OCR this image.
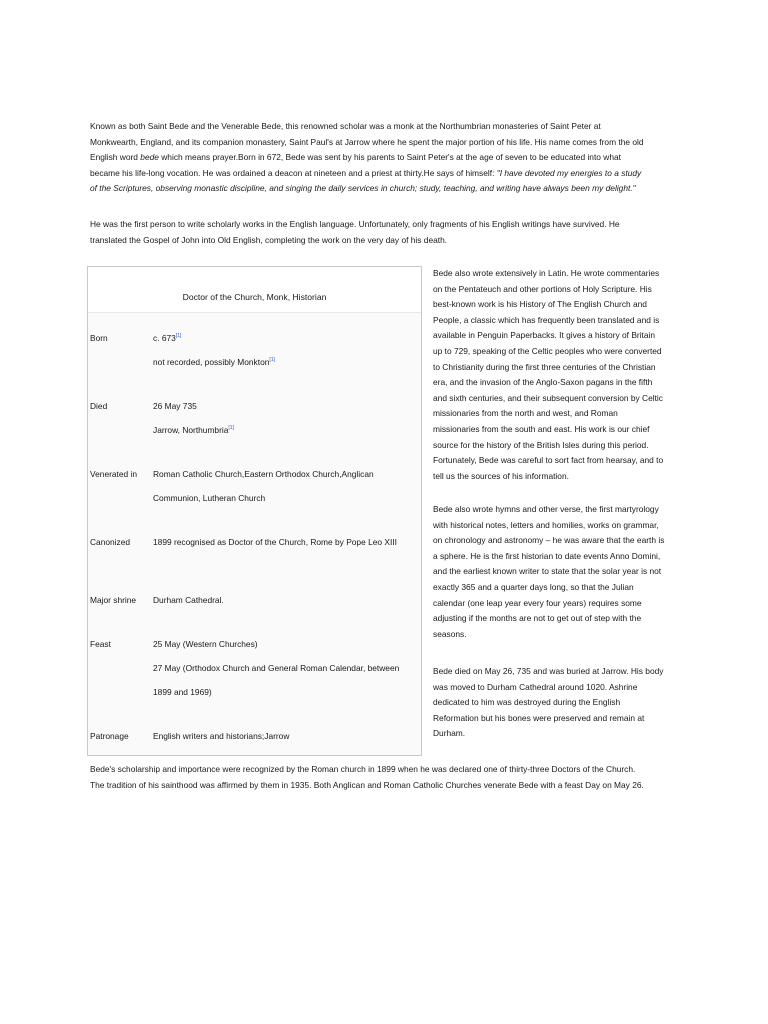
Known as both Saint Bede and the Venerable Bede, this renowned scholar was a monk at the Northumbrian monasteries of Saint Peter at
Monkwearth, England, and its companion monastery, Saint Paul's at Jarrow where he spent the major portion of his life. His name comes from the old
English word bede which means prayer.Born in 672, Bede was sent by his parents to Saint Peter's at the age of seven to be educated into what
became his life-long vocation. He was ordained a deacon at nineteen and a priest at thirty.He says of himself: "I have devoted my energies to a study
of the Scriptures, observing monastic discipline, and singing the daily services in church; study, teaching, and writing have always been my delight."

He was the first person to write scholarly works in the English language. Unfortunately, only fragments of his English writings have survived. He
translated the Gospel of John into Old English, completing the work on the very day of his death.

Doctor of the Church, Monk, Historian
Born	c. 673[1]
not recorded, possibly Monkton[1]
Died	26 May 735
Jarrow, Northumbria[1]
Venerated in	Roman Catholic Church,Eastern Orthodox Church,Anglican
Communion, Lutheran Church
Canonized	1899 recognised as Doctor of the Church, Rome by Pope Leo XIII
Major shrine	Durham Cathedral.
Feast	25 May (Western Churches)
27 May (Orthodox Church and General Roman Calendar, between
1899 and 1969)
Patronage	English writers and historians;Jarrow

Bede also wrote extensively in Latin. He wrote commentaries
on the Pentateuch and other portions of Holy Scripture. His
best-known work is his History of The English Church and
People, a classic which has frequently been translated and is
available in Penguin Paperbacks. It gives a history of Britain
up to 729, speaking of the Celtic peoples who were converted
to Christianity during the first three centuries of the Christian
era, and the invasion of the Anglo-Saxon pagans in the fifth
and sixth centuries, and their subsequent conversion by Celtic
missionaries from the north and west, and Roman
missionaries from the south and east. His work is our chief
source for the history of the British Isles during this period.
Fortunately, Bede was careful to sort fact from hearsay, and to
tell us the sources of his information.

Bede also wrote hymns and other verse, the first martyrology
with historical notes, letters and homilies, works on grammar,
on chronology and astronomy – he was aware that the earth is
a sphere. He is the first historian to date events Anno Domini,
and the earliest known writer to state that the solar year is not
exactly 365 and a quarter days long, so that the Julian
calendar (one leap year every four years) requires some
adjusting if the months are not to get out of step with the
seasons.

Bede died on May 26, 735 and was buried at Jarrow. His body
was moved to Durham Cathedral around 1020. Ashrine
dedicated to him was destroyed during the English
Reformation but his bones were preserved and remain at
Durham.

Bede's scholarship and importance were recognized by the Roman church in 1899 when he was declared one of thirty-three Doctors of the Church.
The tradition of his sainthood was affirmed by them in 1935. Both Anglican and Roman Catholic Churches venerate Bede with a feast Day on May 26.
